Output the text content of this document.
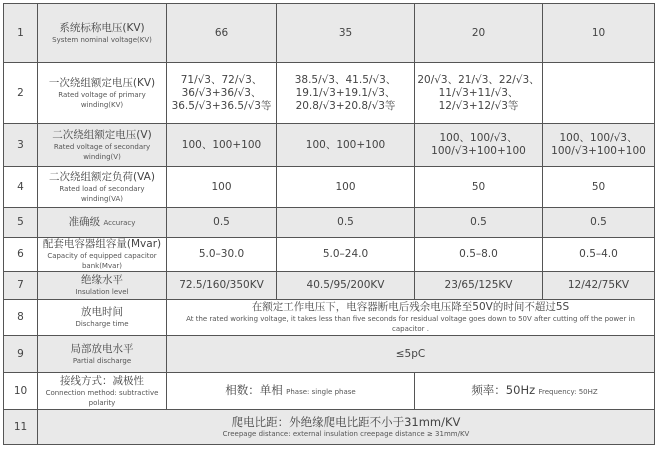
1	系统标称电压(KV)
System nominal voltage(KV)	66	35	20	10
2	一次绕组额定电压(KV)
Rated voltage of primary winding(KV)	71/√3、72/√3、
36/√3+36/√3、
36.5/√3+36.5/√3等	38.5/√3、41.5/√3、
19.1/√3+19.1/√3、
20.8/√3+20.8/√3等	20/√3、21/√3、22/√3、
11/√3+11/√3、
12/√3+12/√3等	
3	二次绕组额定电压(V)
Rated voltage of secondary winding(V)	100、100+100	100、100+100	100、100/√3、
100/√3+100+100	100、100/√3、
100/√3+100+100
4	二次绕组额定负荷(VA)
Rated load of secondary winding(VA)	100	100	50	50
5	准确级 Accuracy	0.5	0.5	0.5	0.5
6	配套电容器组容量(Mvar)
Capacity of equipped capacitor bank(Mvar)	5.0–30.0	5.0–24.0	0.5–8.0	0.5–4.0
7	绝缘水平
Insulation level	72.5/160/350KV	40.5/95/200KV	23/65/125KV	12/42/75KV
8	放电时间
Discharge time	在额定工作电压下，电容器断电后残余电压降至50V的时间不超过5S
At the rated working voltage, it takes less than five seconds for residual voltage goes down to 50V after cutting off the power in capacitor .			

9	局部放电水平
Partial discharge	≤5pC			

10	接线方式：减极性
Connection method: subtractive polarity	相数：单相 Phase: single phase		频率：50Hz Frequency: 50HZ	
11	爬电比距：外绝缘爬电比距不小于31mm/KV
Creepage distance: external insulation creepage distance ≥ 31mm/KV				
